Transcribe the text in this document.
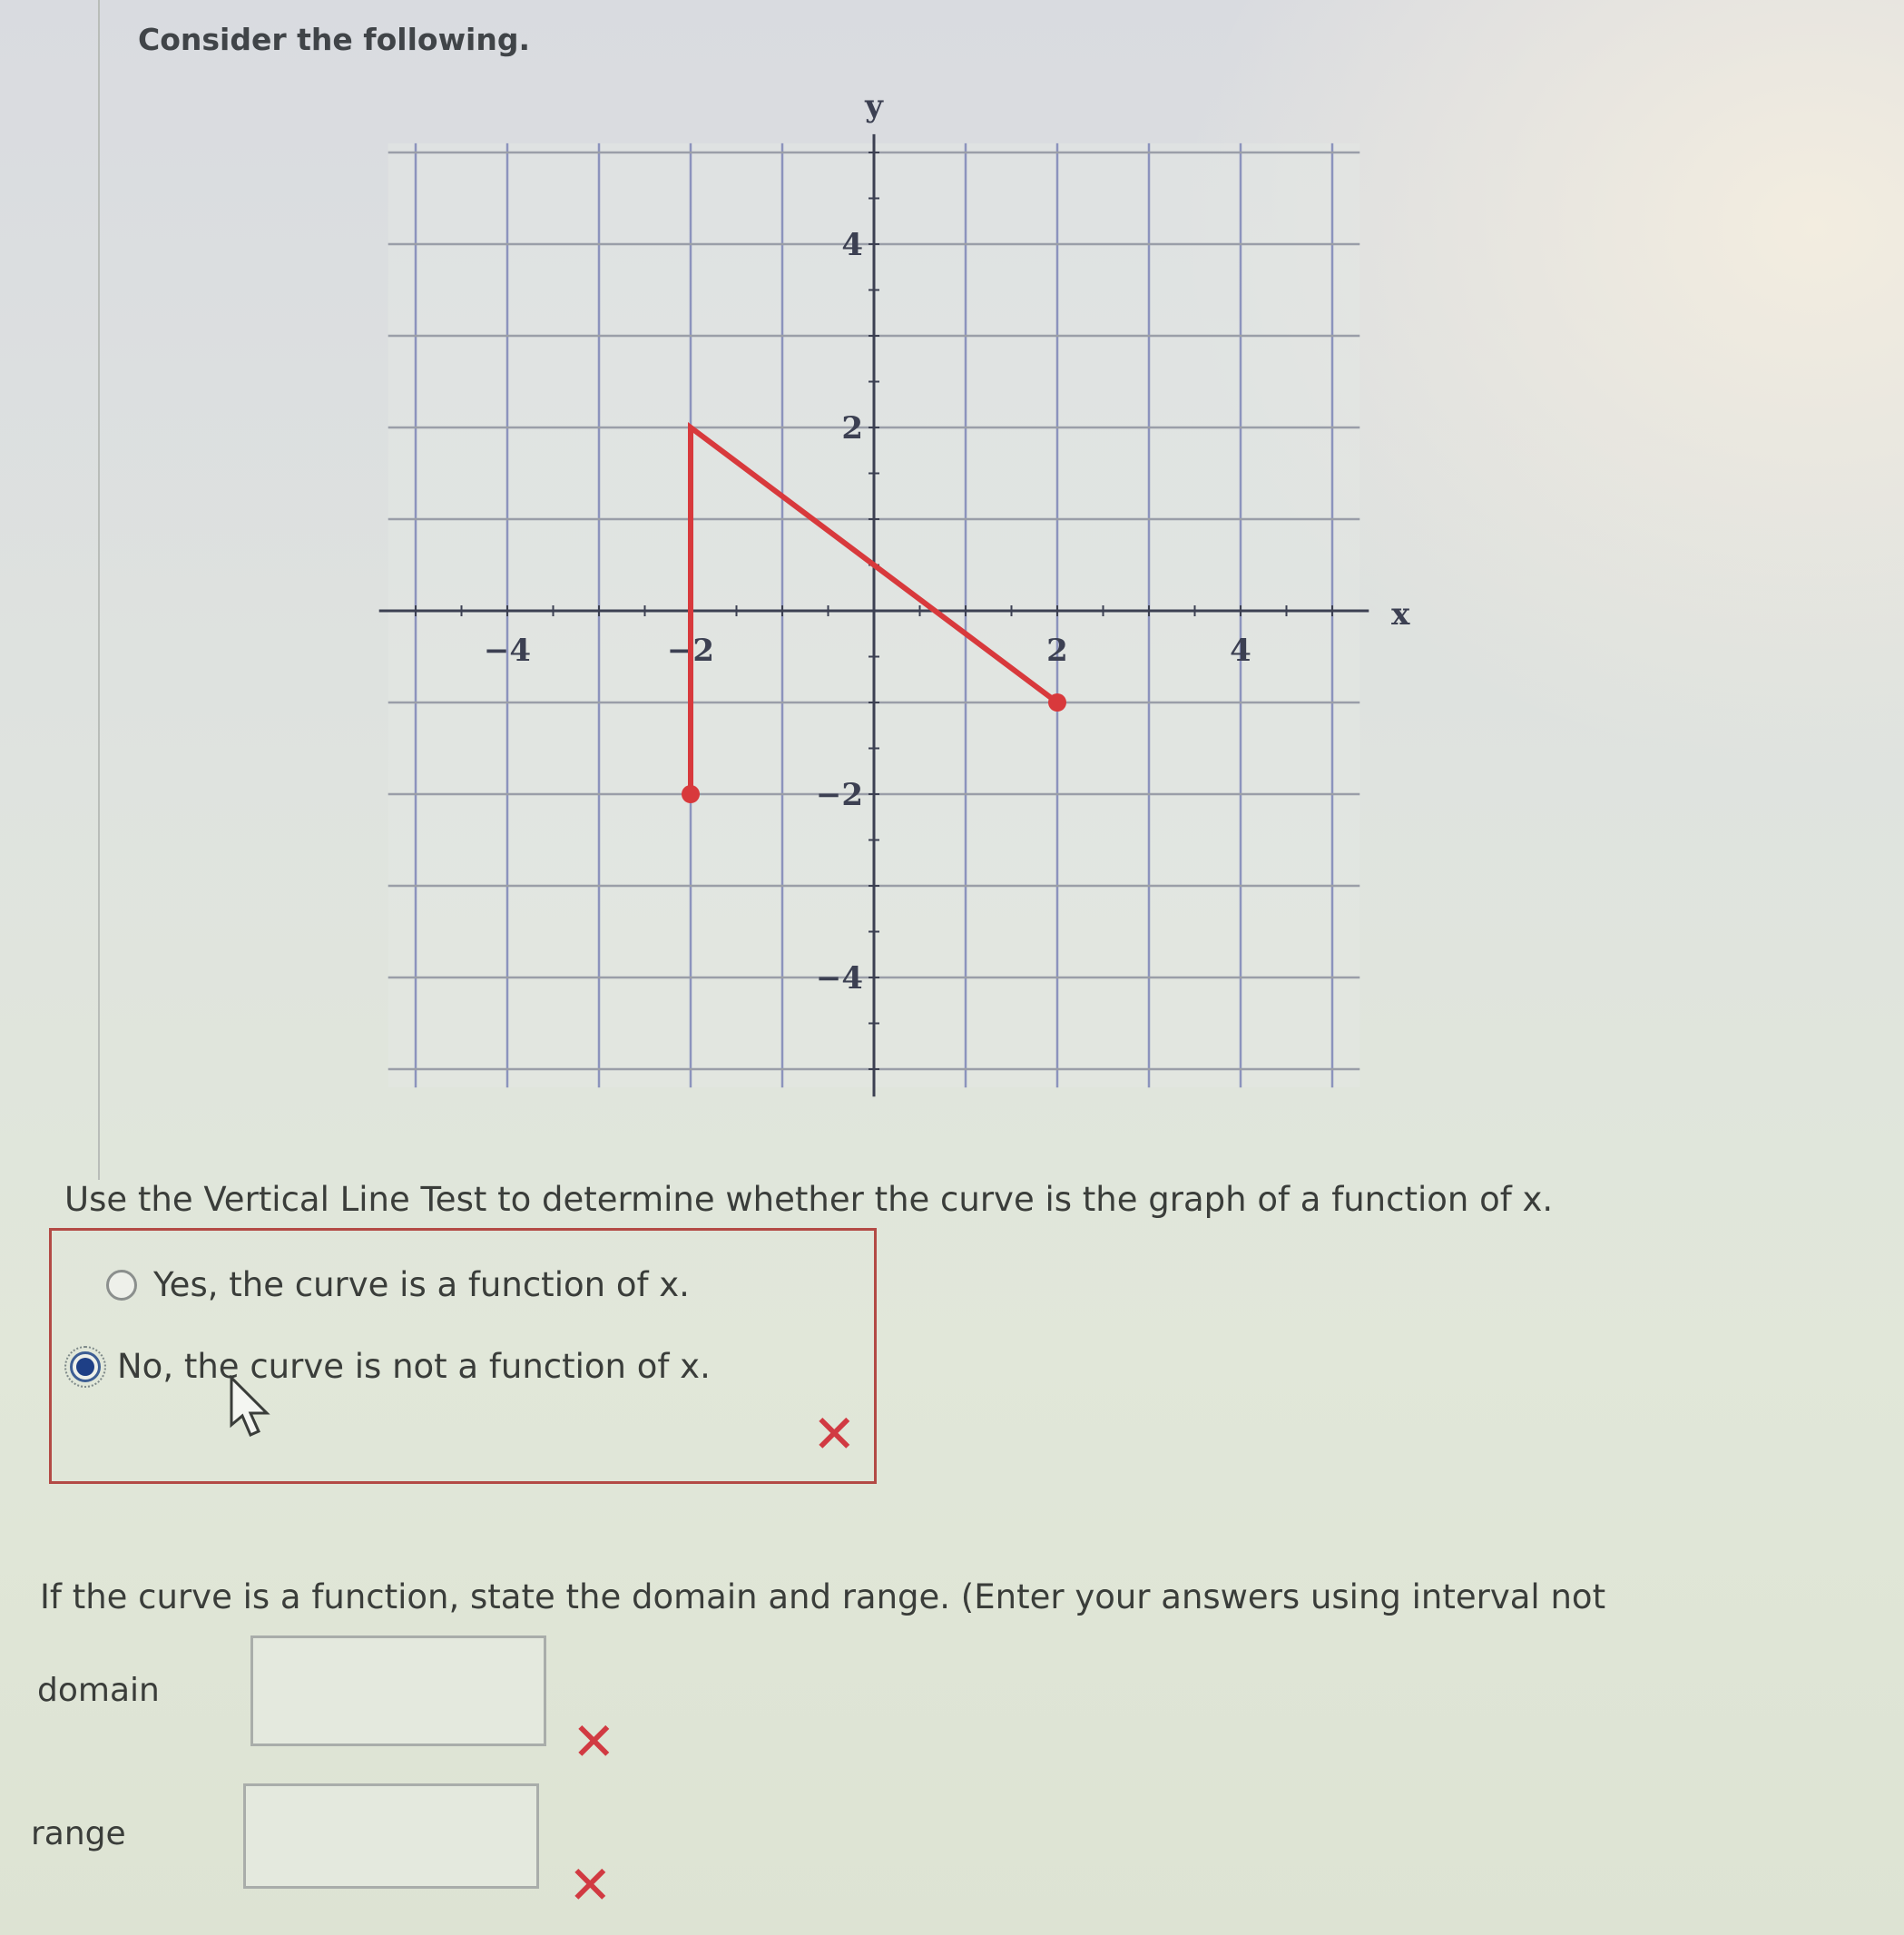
Consider the following.
−4	−2	2	4
4
2
−2
−4
x
y
Use the Vertical Line Test to determine whether the curve is the graph of a function of x.
Yes, the curve is a function of x.
No, the curve is not a function of x.
✕
If the curve is a function, state the domain and range. (Enter your answers using interval not
domain
✕
range
✕
